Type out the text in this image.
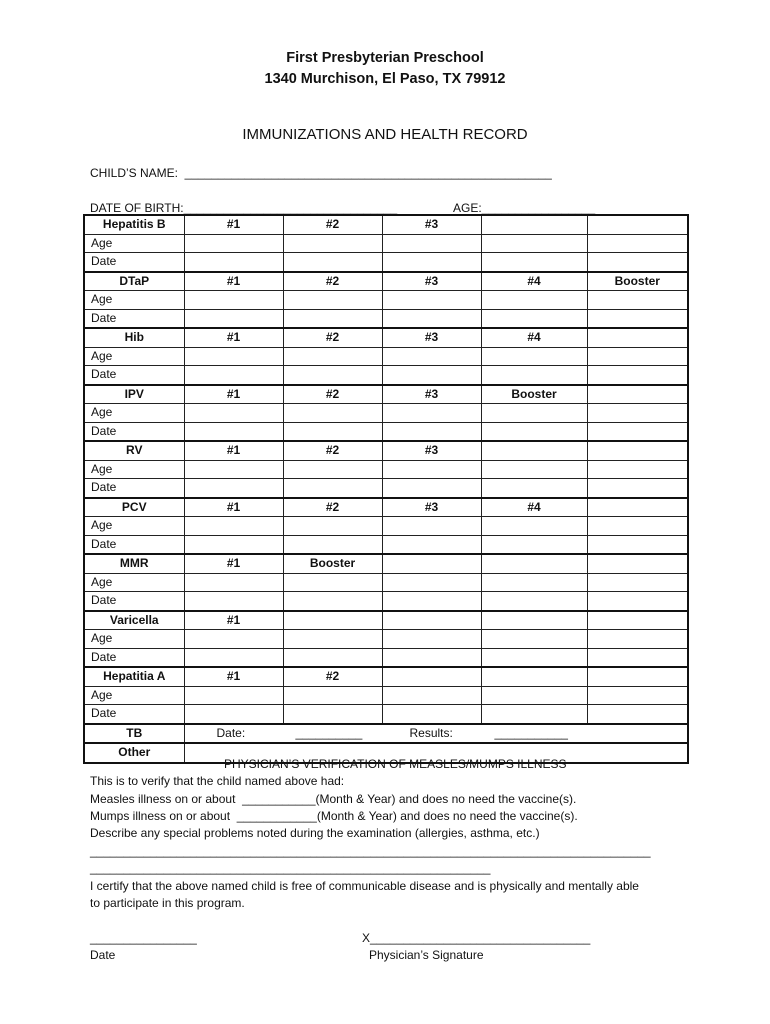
First Presbyterian Preschool
1340 Murchison, El Paso, TX 79912
IMMUNIZATIONS AND HEALTH RECORD
CHILD’S NAME:  _______________________________________________________
DATE OF BIRTH:________________________________	AGE:_________________
Hepatitis B	#1	#2	#3		
Age					
Date					
DTaP	#1	#2	#3	#4	Booster
Age					
Date					
Hib	#1	#2	#3	#4	
Age					
Date					
IPV	#1	#2	#3	Booster	
Age					
Date					
RV	#1	#2	#3		
Age					
Date					
PCV	#1	#2	#3	#4	
Age					
Date					
MMR	#1	Booster			
Age					
Date					
Varicella	#1				
Age					
Date					
Hepatitia A	#1	#2			
Age					
Date					
TB	Date: __________ Results: ___________				

Other					
PHYSICIAN’S VERIFICATION OF MEASLES/MUMPS ILLNESS
This is to verify that the child named above had:
Measles illness on or about  ___________(Month & Year) and does no need the vaccine(s).
Mumps illness on or about  ____________(Month & Year) and does no need the vaccine(s).
Describe any special problems noted during the examination (allergies, asthma, etc.)
____________________________________________________________________________________
____________________________________________________________
I certify that the above named child is free of communicable disease and is physically and mentally able
to participate in this program.
________________
Date
X_________________________________
Physician’s Signature
